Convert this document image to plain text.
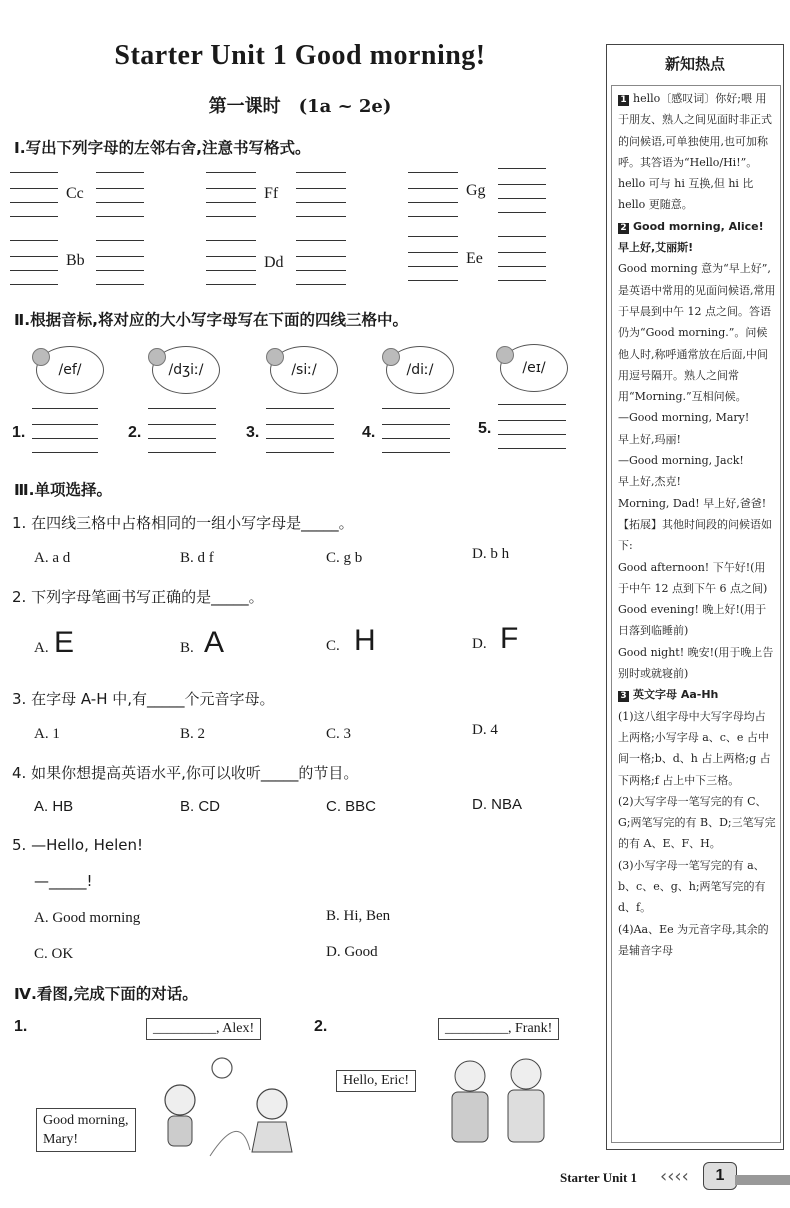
Starter Unit 1 Good morning!
第一课时　(1a ~ 2e)
Ⅰ.写出下列字母的左邻右舍,注意书写格式。
Cc	Ff	Gg
Bb	Dd	Ee
Ⅱ.根据音标,将对应的大小写字母写在下面的四线三格中。
/ef/
1.
/dʒiː/
2.
/siː/
3.
/diː/
4.
/eɪ/
5.
Ⅲ.单项选择。
1. 在四线三格中占格相同的一组小写字母是_____。
A. a d	B. d f	C. g b	D. b h
2. 下列字母笔画书写正确的是_____。
A. E	B. A	C. H	D. F
3. 在字母 A-H 中,有_____个元音字母。
A. 1	B. 2	C. 3	D. 4
4. 如果你想提高英语水平,你可以收听_____的节目。
A. HB	B. CD	C. BBC	D. NBA
5. —Hello, Helen!
—_____!
A. Good morning	B. Hi, Ben
C. OK	D. Good
Ⅳ.看图,完成下面的对话。
1.	2.
_________, Alex!
Good morning,
Mary!
_________, Frank!
Hello, Eric!
新知热点

1 hello〔感叹词〕你好;喂 用于朋友、熟人之间见面时非正式的问候语,可单独使用,也可加称呼。其答语为“Hello/Hi!”。hello 可与 hi 互换,但 hi 比 hello 更随意。

2 Good morning, Alice! 早上好,艾丽斯!

Good morning 意为“早上好”,是英语中常用的见面问候语,常用于早晨到中午 12 点之间。答语仍为“Good morning.”。问候他人时,称呼通常放在后面,中间用逗号隔开。熟人之间常用“Morning.”互相问候。

—Good morning, Mary!

早上好,玛丽!

—Good morning, Jack!

早上好,杰克!

Morning, Dad! 早上好,爸爸!

【拓展】其他时间段的问候语如下:

Good afternoon! 下午好!(用于中午 12 点到下午 6 点之间)

Good evening! 晚上好!(用于日落到临睡前)

Good night! 晚安!(用于晚上告别时或就寝前)

3 英文字母 Aa-Hh

(1)这八组字母中大写字母均占上两格;小写字母 a、c、e 占中间一格;b、d、h 占上两格;g 占下两格;f 占上中下三格。

(2)大写字母一笔写完的有 C、G;两笔写完的有 B、D;三笔写完的有 A、E、F、H。

(3)小写字母一笔写完的有 a、b、c、e、g、h;两笔写完的有 d、f。

(4)Aa、Ee 为元音字母,其余的是辅音字母

Starter Unit 1 ‹‹‹‹	1
